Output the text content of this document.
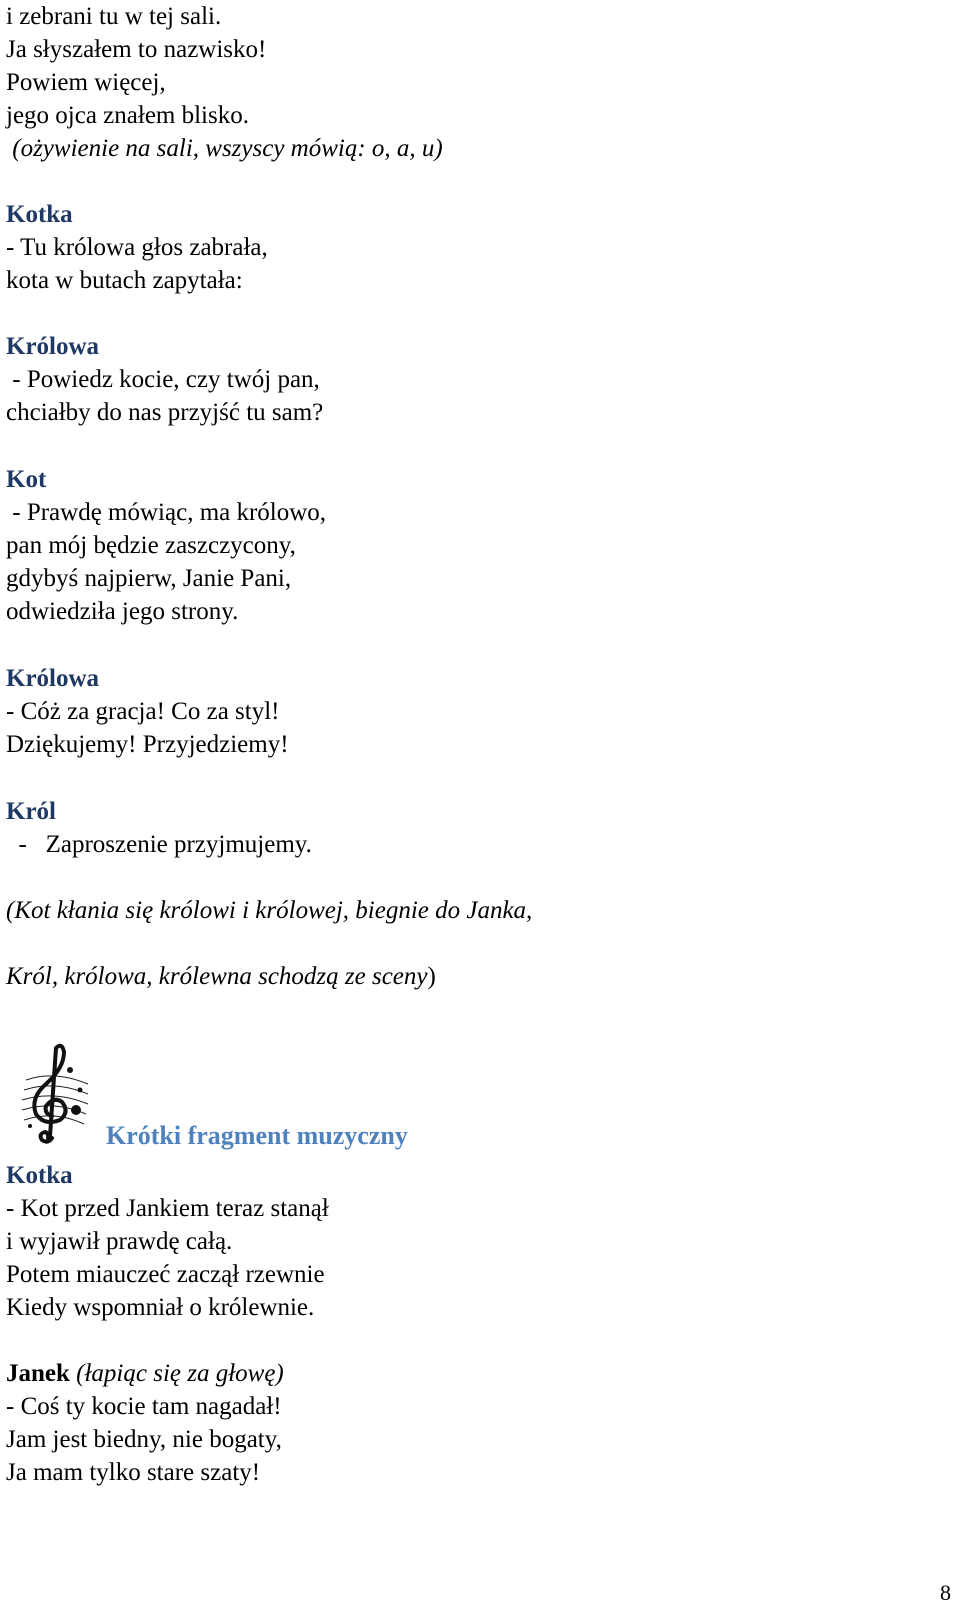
i zebrani tu w tej sali.
Ja słyszałem to nazwisko!
Powiem więcej,
jego ojca znałem blisko.
(ożywienie na sali, wszyscy mówią: o, a, u)
Kotka
- Tu królowa głos zabrała,
kota w butach zapytała:
Królowa
- Powiedz kocie, czy twój pan,
chciałby do nas przyjść tu sam?
Kot
- Prawdę mówiąc, ma królowo,
pan mój będzie zaszczycony,
gdybyś najpierw, Janie Pani,
odwiedziła jego strony.
Królowa
- Cóż za gracja! Co za styl!
Dziękujemy! Przyjedziemy!
Król
-   Zaproszenie przyjmujemy.
(Kot kłania się królowi i królowej, biegnie do Janka,
Król, królowa, królewna schodzą ze sceny)
Krótki fragment muzyczny
Kotka
- Kot przed Jankiem teraz stanął
i wyjawił prawdę całą.
Potem miauczeć zaczął rzewnie
Kiedy wspomniał o królewnie.
Janek (łapiąc się za głowę)
- Coś ty kocie tam nagadał!
Jam jest biedny, nie bogaty,
Ja mam tylko stare szaty!
8
